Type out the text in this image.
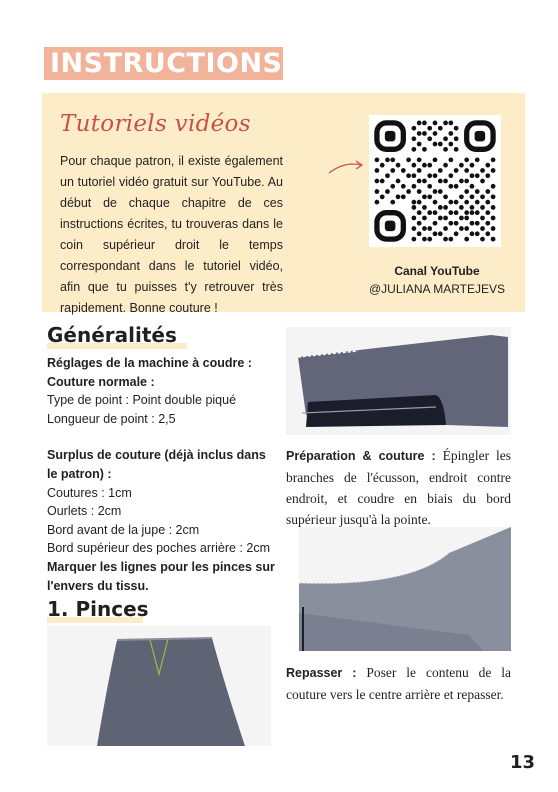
INSTRUCTIONS
Tutoriels vidéos
Pour chaque patron, il existe également un tutoriel vidéo gratuit sur YouTube. Au début de chaque chapitre de ces instructions écrites, tu trouveras dans le coin supérieur droit le temps correspondant dans le tutoriel vidéo, afin que tu puisses t'y retrouver très rapidement. Bonne couture !
Canal YouTube
@JULIANA MARTEJEVS
Généralités
Réglages de la machine à coudre :
Couture normale :
Type de point : Point double piqué
Longueur de point : 2,5
Surplus de couture (déjà inclus dans le patron) :
Coutures : 1cm
Ourlets : 2cm
Bord avant de la jupe : 2cm
Bord supérieur des poches arrière : 2cm
Marquer les lignes pour les pinces sur l'envers du tissu.
1. Pinces
Préparation & couture : Épingler les branches de l'écusson, endroit contre endroit, et coudre en biais du bord supérieur jusqu'à la pointe.
Repasser : Poser le contenu de la couture vers le centre arrière et repasser.
13
